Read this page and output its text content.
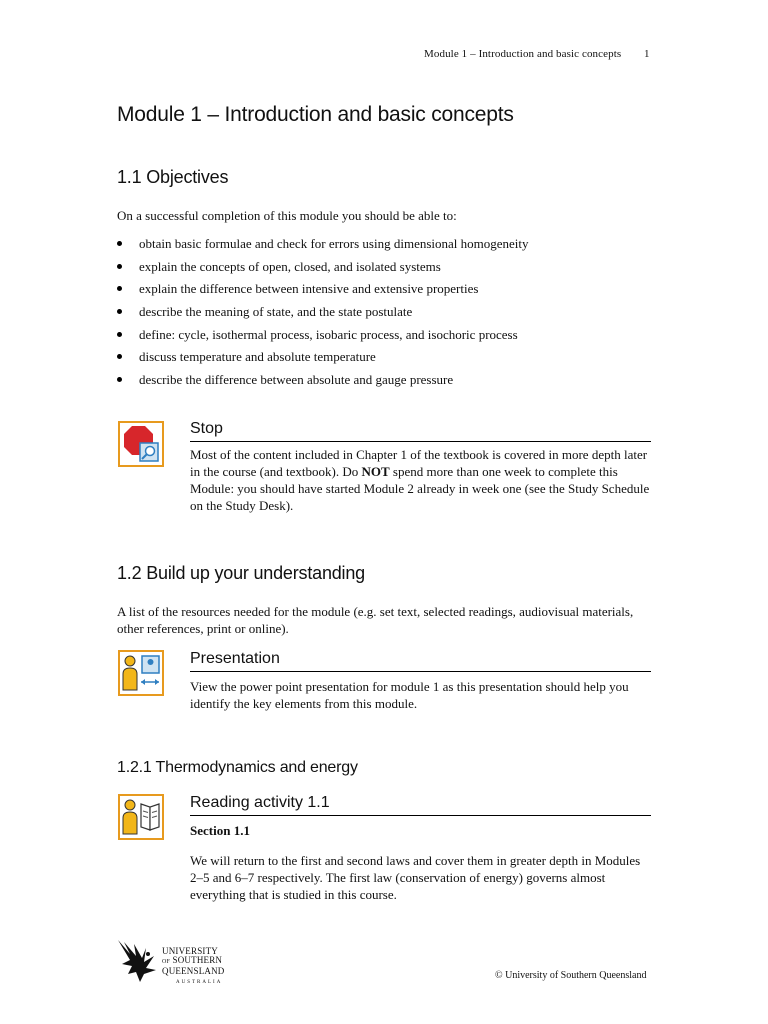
Module 1 – Introduction and basic concepts 1
Module 1 – Introduction and basic concepts
1.1 Objectives
On a successful completion of this module you should be able to:
obtain basic formulae and check for errors using dimensional homogeneity
explain the concepts of open, closed, and isolated systems
explain the difference between intensive and extensive properties
describe the meaning of state, and the state postulate
define: cycle, isothermal process, isobaric process, and isochoric process
discuss temperature and absolute temperature
describe the difference between absolute and gauge pressure
Stop
Most of the content included in Chapter 1 of the textbook is covered in more depth later in the course (and textbook). Do NOT spend more than one week to complete this Module: you should have started Module 2 already in week one (see the Study Schedule on the Study Desk).
1.2 Build up your understanding
A list of the resources needed for the module (e.g. set text, selected readings, audiovisual materials, other references, print or online).
Presentation
View the power point presentation for module 1 as this presentation should help you identify the key elements from this module.
1.2.1 Thermodynamics and energy
Reading activity 1.1
Section 1.1
We will return to the first and second laws and cover them in greater depth in Modules 2–5 and 6–7 respectively. The first law (conservation of energy) governs almost everything that is studied in this course.
UNIVERSITY
OF SOUTHERN
QUEENSLAND
AUSTRALIA
© University of Southern Queensland
